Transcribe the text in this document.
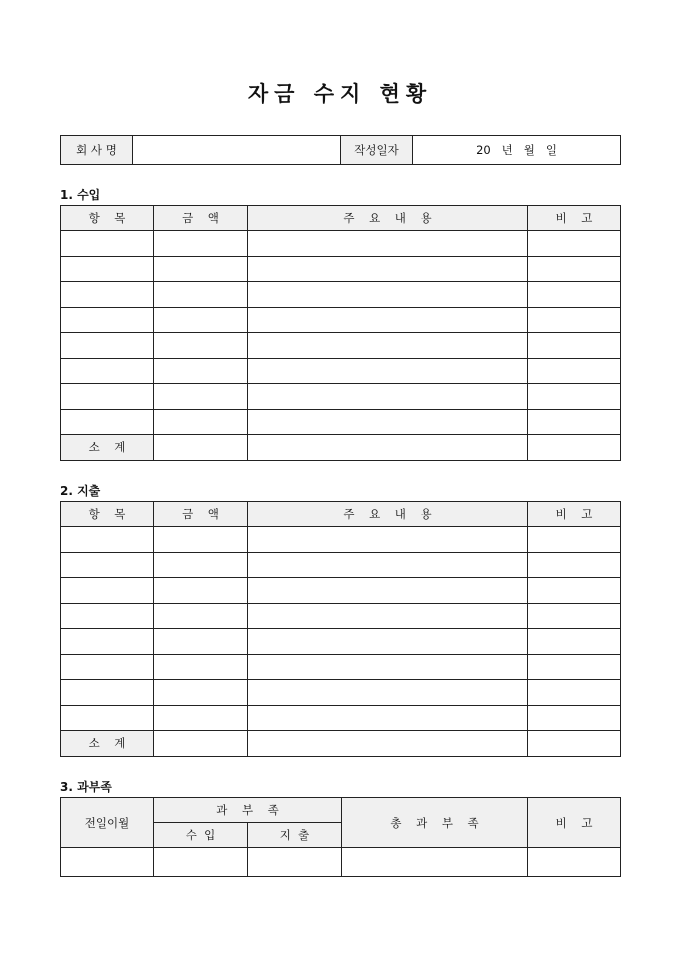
자금 수지 현황
회 사 명		작성일자	20   년   월   일
1. 수입
항    목	금    액	주    요    내    용	비    고

소    계			
2. 지출
항    목	금    액	주    요    내    용	비    고

소    계			
3. 과부족
전일이월	과    부    족		총    과    부    족	비    고
	수  입	지  출		
